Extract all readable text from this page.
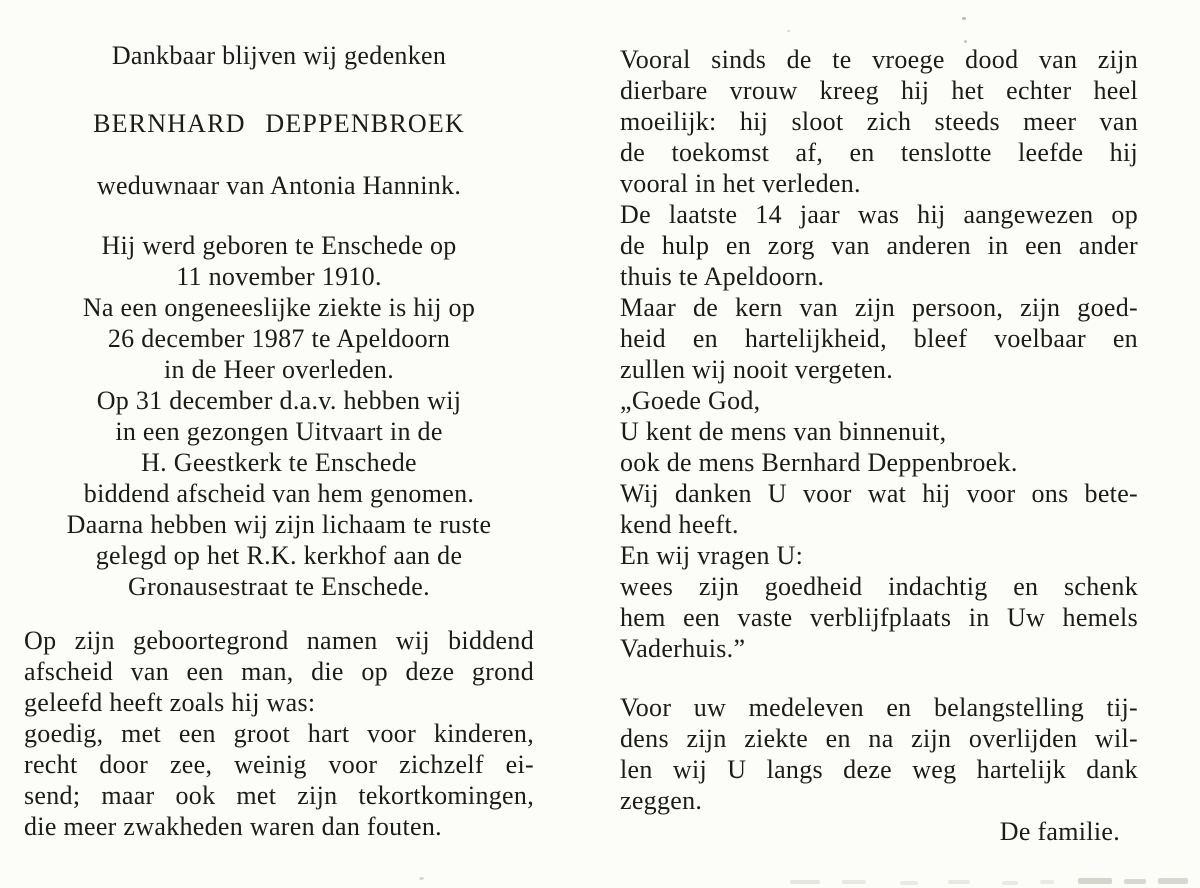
Dankbaar blijven wij gedenken
BERNHARD DEPPENBROEK
weduwnaar van Antonia Hannink.
Hij werd geboren te Enschede op
11 november 1910.
Na een ongeneeslijke ziekte is hij op
26 december 1987 te Apeldoorn
in de Heer overleden.
Op 31 december d.a.v. hebben wij
in een gezongen Uitvaart in de
H. Geestkerk te Enschede
biddend afscheid van hem genomen.
Daarna hebben wij zijn lichaam te ruste
gelegd op het R.K. kerkhof aan de
Gronausestraat te Enschede.
Op zijn geboortegrond namen wij biddend
afscheid van een man, die op deze grond
geleefd heeft zoals hij was:
goedig, met een groot hart voor kinderen,
recht door zee, weinig voor zichzelf ei-
send; maar ook met zijn tekortkomingen,
die meer zwakheden waren dan fouten.
Vooral sinds de te vroege dood van zijn
dierbare vrouw kreeg hij het echter heel
moeilijk: hij sloot zich steeds meer van
de toekomst af, en tenslotte leefde hij
vooral in het verleden.
De laatste 14 jaar was hij aangewezen op
de hulp en zorg van anderen in een ander
thuis te Apeldoorn.
Maar de kern van zijn persoon, zijn goed-
heid en hartelijkheid, bleef voelbaar en
zullen wij nooit vergeten.
„Goede God,
U kent de mens van binnenuit,
ook de mens Bernhard Deppenbroek.
Wij danken U voor wat hij voor ons bete-
kend heeft.
En wij vragen U:
wees zijn goedheid indachtig en schenk
hem een vaste verblijfplaats in Uw hemels
Vaderhuis.”
Voor uw medeleven en belangstelling tij-
dens zijn ziekte en na zijn overlijden wil-
len wij U langs deze weg hartelijk dank
zeggen.
De familie.
